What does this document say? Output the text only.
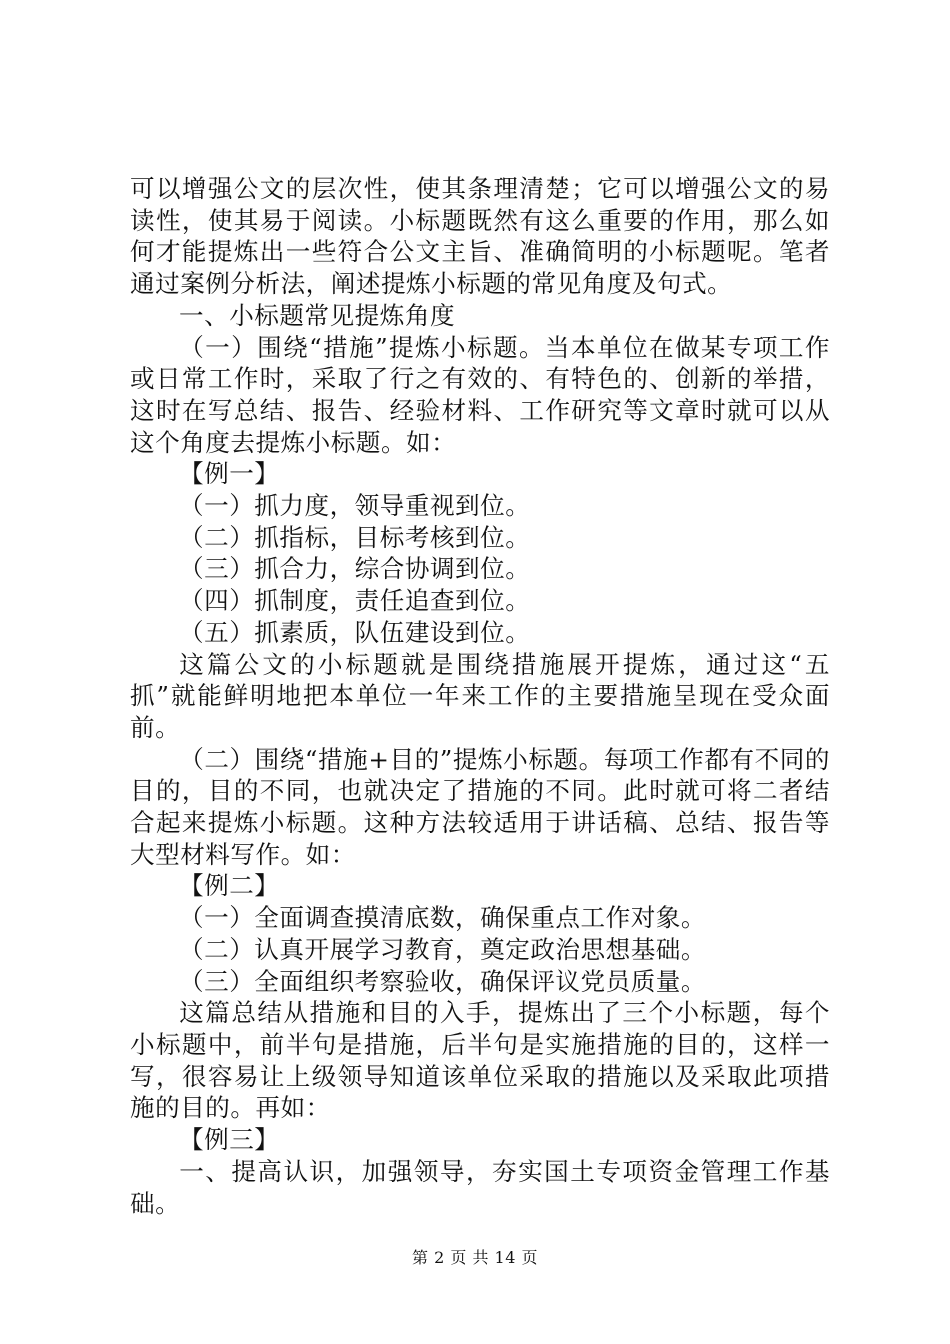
可以增强公文的层次性，使其条理清楚；它可以增强公文的易读性，使其易于阅读。小标题既然有这么重要的作用，那么如何才能提炼出一些符合公文主旨、准确简明的小标题呢。笔者通过案例分析法，阐述提炼小标题的常见角度及句式。

一、小标题常见提炼角度

（一）围绕“措施”提炼小标题。当本单位在做某专项工作或日常工作时，采取了行之有效的、有特色的、创新的举措，这时在写总结、报告、经验材料、工作研究等文章时就可以从这个角度去提炼小标题。如：

【例一】

（一）抓力度，领导重视到位。

（二）抓指标，目标考核到位。

（三）抓合力，综合协调到位。

（四）抓制度，责任追查到位。

（五）抓素质，队伍建设到位。

这篇公文的小标题就是围绕措施展开提炼，通过这“五抓”就能鲜明地把本单位一年来工作的主要措施呈现在受众面前。

（二）围绕“措施+目的”提炼小标题。每项工作都有不同的目的，目的不同，也就决定了措施的不同。此时就可将二者结合起来提炼小标题。这种方法较适用于讲话稿、总结、报告等大型材料写作。如：

【例二】

（一）全面调查摸清底数，确保重点工作对象。

（二）认真开展学习教育，奠定政治思想基础。

（三）全面组织考察验收，确保评议党员质量。

这篇总结从措施和目的入手，提炼出了三个小标题，每个小标题中，前半句是措施，后半句是实施措施的目的，这样一写，很容易让上级领导知道该单位采取的措施以及采取此项措施的目的。再如：

【例三】

一、提高认识，加强领导，夯实国土专项资金管理工作基础。

第 2 页 共 14 页
